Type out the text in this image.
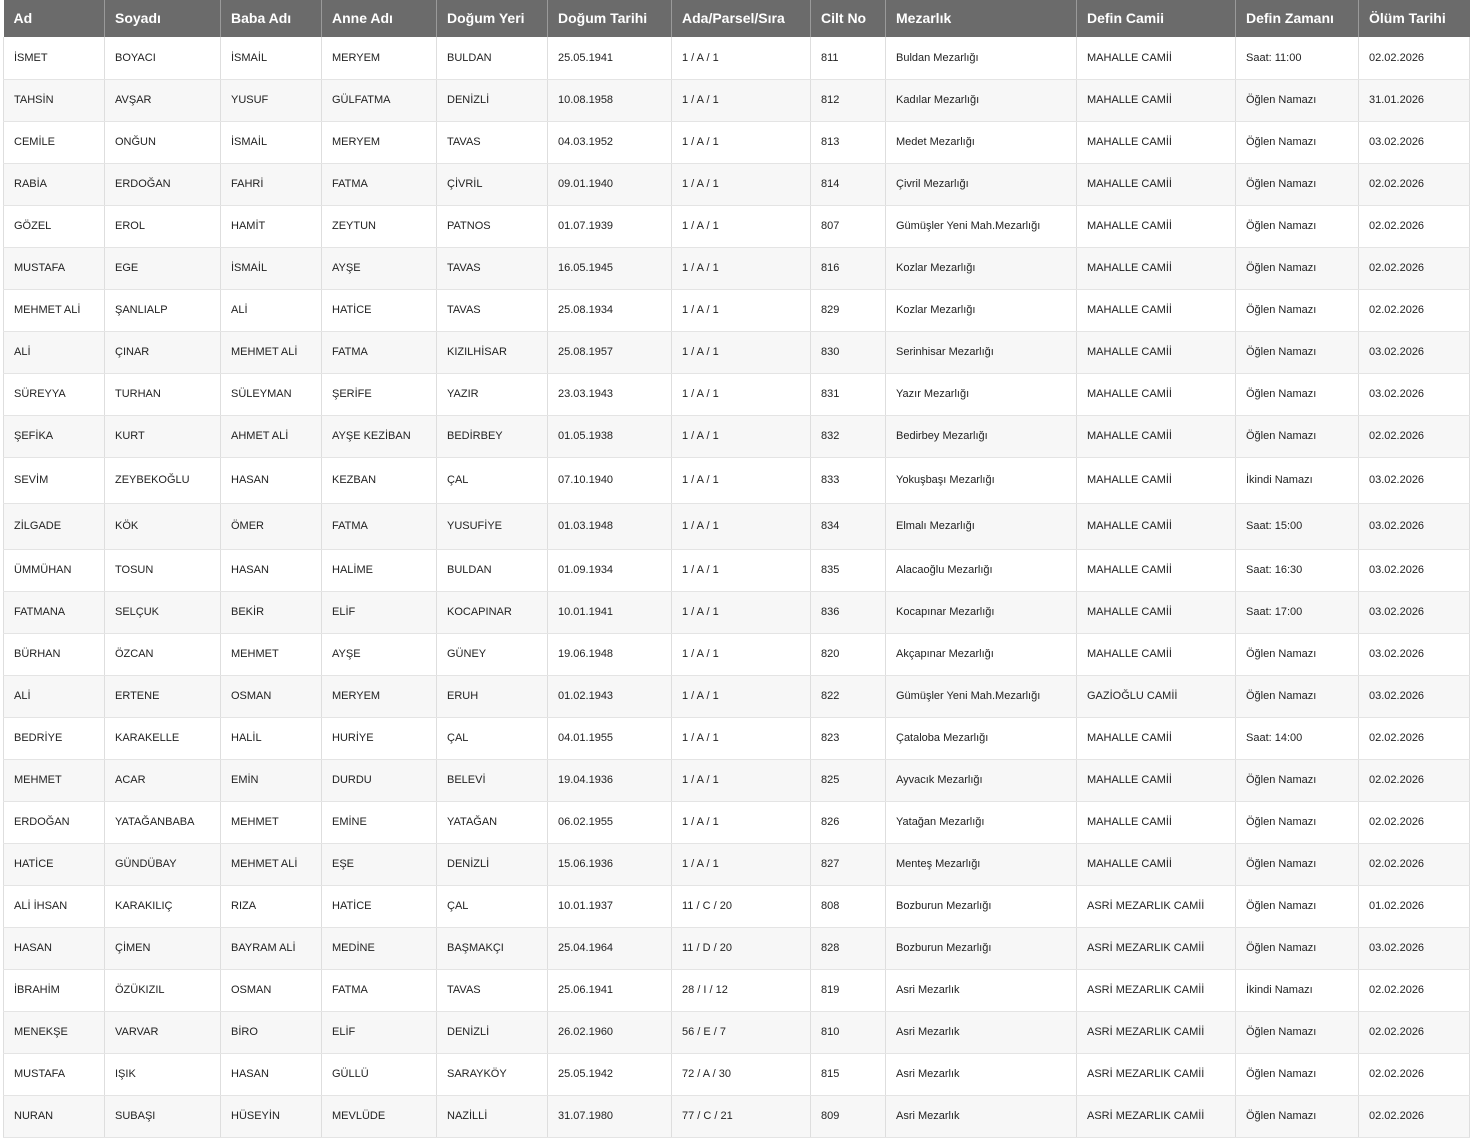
Ad	Soyadı	Baba Adı	Anne Adı	Doğum Yeri	Doğum Tarihi	Ada/Parsel/Sıra	Cilt No	Mezarlık	Defin Camii	Defin Zamanı	Ölüm Tarihi
İSMET	BOYACI	İSMAİL	MERYEM	BULDAN	25.05.1941	1 / A / 1	811	Buldan Mezarlığı	MAHALLE CAMİİ	Saat: 11:00	02.02.2026
TAHSİN	AVŞAR	YUSUF	GÜLFATMA	DENİZLİ	10.08.1958	1 / A / 1	812	Kadılar Mezarlığı	MAHALLE CAMİİ	Öğlen Namazı	31.01.2026
CEMİLE	ONĞUN	İSMAİL	MERYEM	TAVAS	04.03.1952	1 / A / 1	813	Medet Mezarlığı	MAHALLE CAMİİ	Öğlen Namazı	03.02.2026
RABİA	ERDOĞAN	FAHRİ	FATMA	ÇİVRİL	09.01.1940	1 / A / 1	814	Çivril Mezarlığı	MAHALLE CAMİİ	Öğlen Namazı	02.02.2026
GÖZEL	EROL	HAMİT	ZEYTUN	PATNOS	01.07.1939	1 / A / 1	807	Gümüşler Yeni Mah.Mezarlığı	MAHALLE CAMİİ	Öğlen Namazı	02.02.2026
MUSTAFA	EGE	İSMAİL	AYŞE	TAVAS	16.05.1945	1 / A / 1	816	Kozlar Mezarlığı	MAHALLE CAMİİ	Öğlen Namazı	02.02.2026
MEHMET ALİ	ŞANLIALP	ALİ	HATİCE	TAVAS	25.08.1934	1 / A / 1	829	Kozlar Mezarlığı	MAHALLE CAMİİ	Öğlen Namazı	02.02.2026
ALİ	ÇINAR	MEHMET ALİ	FATMA	KIZILHİSAR	25.08.1957	1 / A / 1	830	Serinhisar Mezarlığı	MAHALLE CAMİİ	Öğlen Namazı	03.02.2026
SÜREYYA	TURHAN	SÜLEYMAN	ŞERİFE	YAZIR	23.03.1943	1 / A / 1	831	Yazır Mezarlığı	MAHALLE CAMİİ	Öğlen Namazı	03.02.2026
ŞEFİKA	KURT	AHMET ALİ	AYŞE KEZİBAN	BEDİRBEY	01.05.1938	1 / A / 1	832	Bedirbey Mezarlığı	MAHALLE CAMİİ	Öğlen Namazı	02.02.2026
SEVİM	ZEYBEKOĞLU	HASAN	KEZBAN	ÇAL	07.10.1940	1 / A / 1	833	Yokuşbaşı Mezarlığı	MAHALLE CAMİİ	İkindi Namazı	03.02.2026
ZİLGADE	KÖK	ÖMER	FATMA	YUSUFİYE	01.03.1948	1 / A / 1	834	Elmalı Mezarlığı	MAHALLE CAMİİ	Saat: 15:00	03.02.2026
ÜMMÜHAN	TOSUN	HASAN	HALİME	BULDAN	01.09.1934	1 / A / 1	835	Alacaoğlu Mezarlığı	MAHALLE CAMİİ	Saat: 16:30	03.02.2026
FATMANA	SELÇUK	BEKİR	ELİF	KOCAPINAR	10.01.1941	1 / A / 1	836	Kocapınar Mezarlığı	MAHALLE CAMİİ	Saat: 17:00	03.02.2026
BÜRHAN	ÖZCAN	MEHMET	AYŞE	GÜNEY	19.06.1948	1 / A / 1	820	Akçapınar Mezarlığı	MAHALLE CAMİİ	Öğlen Namazı	03.02.2026
ALİ	ERTENE	OSMAN	MERYEM	ERUH	01.02.1943	1 / A / 1	822	Gümüşler Yeni Mah.Mezarlığı	GAZİOĞLU CAMİİ	Öğlen Namazı	03.02.2026
BEDRİYE	KARAKELLE	HALİL	HURİYE	ÇAL	04.01.1955	1 / A / 1	823	Çataloba Mezarlığı	MAHALLE CAMİİ	Saat: 14:00	02.02.2026
MEHMET	ACAR	EMİN	DURDU	BELEVİ	19.04.1936	1 / A / 1	825	Ayvacık Mezarlığı	MAHALLE CAMİİ	Öğlen Namazı	02.02.2026
ERDOĞAN	YATAĞANBABA	MEHMET	EMİNE	YATAĞAN	06.02.1955	1 / A / 1	826	Yatağan Mezarlığı	MAHALLE CAMİİ	Öğlen Namazı	02.02.2026
HATİCE	GÜNDÜBAY	MEHMET ALİ	EŞE	DENİZLİ	15.06.1936	1 / A / 1	827	Menteş Mezarlığı	MAHALLE CAMİİ	Öğlen Namazı	02.02.2026
ALİ İHSAN	KARAKILIÇ	RIZA	HATİCE	ÇAL	10.01.1937	11 / C / 20	808	Bozburun Mezarlığı	ASRİ MEZARLIK CAMİİ	Öğlen Namazı	01.02.2026
HASAN	ÇİMEN	BAYRAM ALİ	MEDİNE	BAŞMAKÇI	25.04.1964	11 / D / 20	828	Bozburun Mezarlığı	ASRİ MEZARLIK CAMİİ	Öğlen Namazı	03.02.2026
İBRAHİM	ÖZÜKIZIL	OSMAN	FATMA	TAVAS	25.06.1941	28 / I / 12	819	Asri Mezarlık	ASRİ MEZARLIK CAMİİ	İkindi Namazı	02.02.2026
MENEKŞE	VARVAR	BİRO	ELİF	DENİZLİ	26.02.1960	56 / E / 7	810	Asri Mezarlık	ASRİ MEZARLIK CAMİİ	Öğlen Namazı	02.02.2026
MUSTAFA	IŞIK	HASAN	GÜLLÜ	SARAYKÖY	25.05.1942	72 / A / 30	815	Asri Mezarlık	ASRİ MEZARLIK CAMİİ	Öğlen Namazı	02.02.2026
NURAN	SUBAŞI	HÜSEYİN	MEVLÜDE	NAZİLLİ	31.07.1980	77 / C / 21	809	Asri Mezarlık	ASRİ MEZARLIK CAMİİ	Öğlen Namazı	02.02.2026
